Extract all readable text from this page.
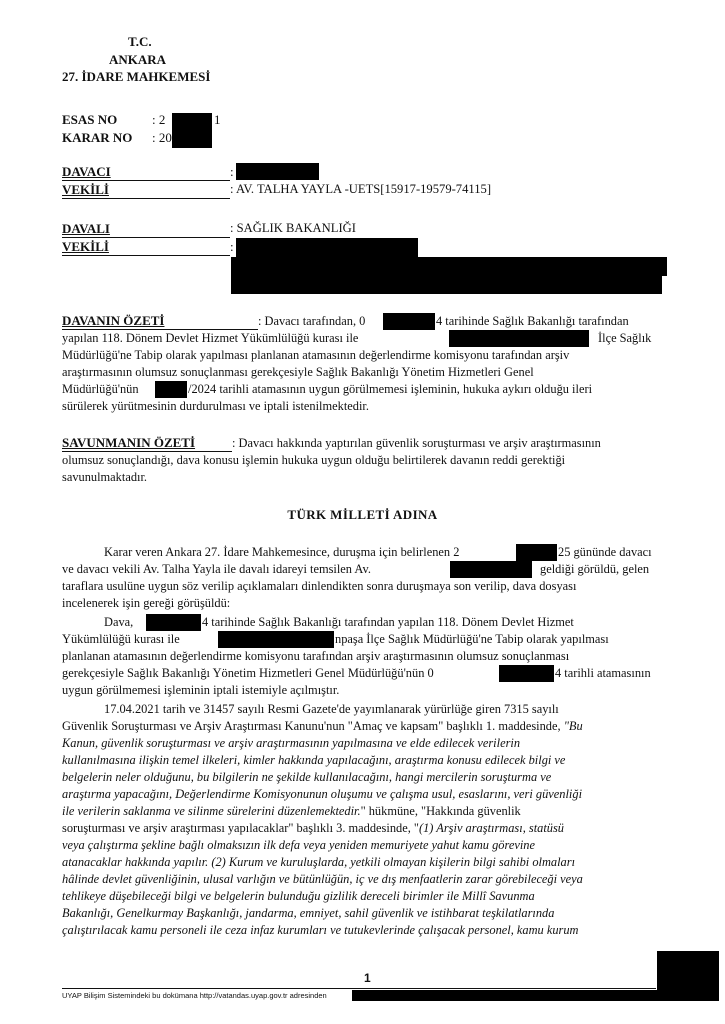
T.C.
ANKARA
27. İDARE MAHKEMESİ
ESAS NO	: 2	1
KARAR NO : 20
DAVACI	:
VEKİLİ	: AV. TALHA YAYLA -UETS[15917-19579-74115]
DAVALI	: SAĞLIK BAKANLIĞI
VEKİLİ	:
DAVANIN ÖZETİ	: Davacı tarafından, 0	4 tarihinde Sağlık Bakanlığı tarafından
yapılan 118. Dönem Devlet Hizmet Yükümlülüğü kurası ile	İlçe Sağlık
Müdürlüğü'ne Tabip olarak yapılması planlanan atamasının değerlendirme komisyonu tarafından arşiv
araştırmasının olumsuz sonuçlanması gerekçesiyle Sağlık Bakanlığı Yönetim Hizmetleri Genel
Müdürlüğü'nün	/2024 tarihli atamasının uygun görülmemesi işleminin, hukuka aykırı olduğu ileri
sürülerek yürütmesinin durdurulması ve iptali istenilmektedir.
SAVUNMANIN ÖZETİ	: Davacı hakkında yaptırılan güvenlik soruşturması ve arşiv araştırmasının
olumsuz sonuçlandığı, dava konusu işlemin hukuka uygun olduğu belirtilerek davanın reddi gerektiği
savunulmaktadır.
TÜRK MİLLETİ ADINA
Karar veren Ankara 27. İdare Mahkemesince, duruşma için belirlenen 2	25 gününde davacı
ve davacı vekili Av. Talha Yayla ile davalı idareyi temsilen Av.	geldiği görüldü, gelen
taraflara usulüne uygun söz verilip açıklamaları dinlendikten sonra duruşmaya son verilip, dava dosyası
incelenerek işin gereği görüşüldü:
Dava,	4 tarihinde Sağlık Bakanlığı tarafından yapılan 118. Dönem Devlet Hizmet
Yükümlülüğü kurası ile	npaşa İlçe Sağlık Müdürlüğü'ne Tabip olarak yapılması
planlanan atamasının değerlendirme komisyonu tarafından arşiv araştırmasının olumsuz sonuçlanması
gerekçesiyle Sağlık Bakanlığı Yönetim Hizmetleri Genel Müdürlüğü'nün 0	4 tarihli atamasının
uygun görülmemesi işleminin iptali istemiyle açılmıştır.
17.04.2021 tarih ve 31457 sayılı Resmi Gazete'de yayımlanarak yürürlüğe giren 7315 sayılı
Güvenlik Soruşturması ve Arşiv Araştırması Kanunu'nun "Amaç ve kapsam" başlıklı 1. maddesinde, "Bu
Kanun, güvenlik soruşturması ve arşiv araştırmasının yapılmasına ve elde edilecek verilerin
kullanılmasına ilişkin temel ilkeleri, kimler hakkında yapılacağını, araştırma konusu edilecek bilgi ve
belgelerin neler olduğunu, bu bilgilerin ne şekilde kullanılacağını, hangi mercilerin soruşturma ve
araştırma yapacağını, Değerlendirme Komisyonunun oluşumu ve çalışma usul, esaslarını, veri güvenliği
ile verilerin saklanma ve silinme sürelerini düzenlemektedir." hükmüne, "Hakkında güvenlik
soruşturması ve arşiv araştırması yapılacaklar" başlıklı 3. maddesinde, "(1) Arşiv araştırması, statüsü
veya çalıştırma şekline bağlı olmaksızın ilk defa veya yeniden memuriyete yahut kamu görevine
atanacaklar hakkında yapılır. (2) Kurum ve kuruluşlarda, yetkili olmayan kişilerin bilgi sahibi olmaları
hâlinde devlet güvenliğinin, ulusal varlığın ve bütünlüğün, iç ve dış menfaatlerin zarar görebileceği veya
tehlikeye düşebileceği bilgi ve belgelerin bulunduğu gizlilik dereceli birimler ile Millî Savunma
Bakanlığı, Genelkurmay Başkanlığı, jandarma, emniyet, sahil güvenlik ve istihbarat teşkilatlarında
çalıştırılacak kamu personeli ile ceza infaz kurumları ve tutukevlerinde çalışacak personel, kamu kurum
1
UYAP Bilişim Sistemindeki bu dokümana http://vatandas.uyap.gov.tr adresinden
